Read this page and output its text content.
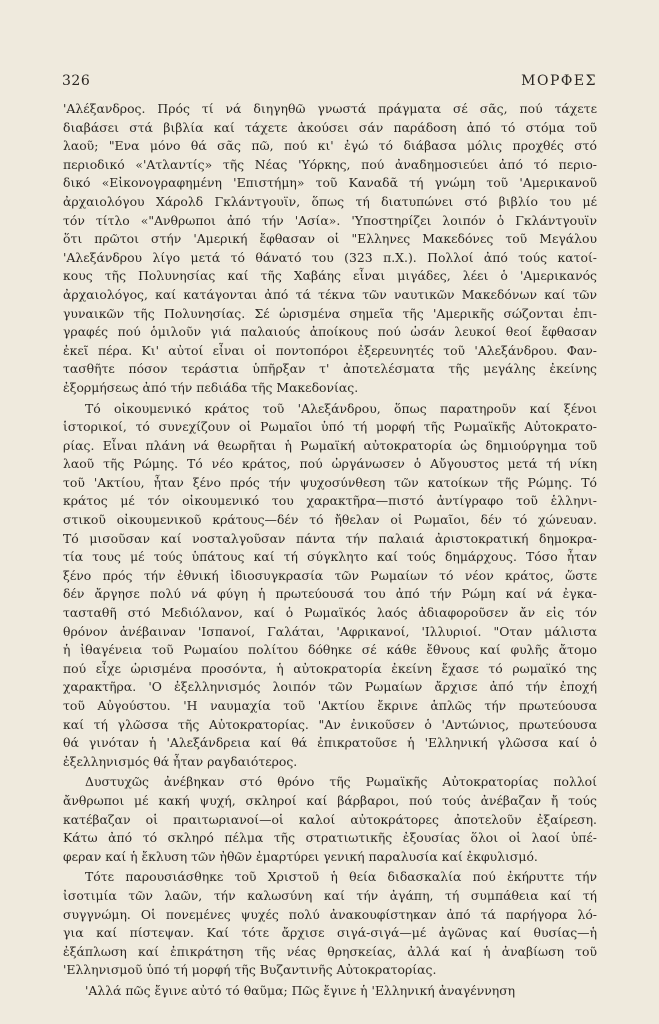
326	ΜΟΡΦΕΣ
'Αλέξανδρος. Πρός τί νά διηγηθῶ γνωστά πράγματα σέ σᾶς, πού τάχετε
διαβάσει στά βιβλία καί τάχετε ἀκούσει σάν παράδοση ἀπό τό στόμα τοῦ
λαοῦ; "Ενα μόνο θά σᾶς πῶ, πού κι' ἐγώ τό διάβασα μόλις προχθές στό
περιοδικό «'Ατλαντίς» τῆς Νέας 'Υόρκης, πού ἀναδημοσιεύει ἀπό τό περιο-
δικό «Εἰκονογραφημένη 'Επιστήμη» τοῦ Καναδᾶ τή γνώμη τοῦ 'Αμερικανοῦ
ἀρχαιολόγου Χάρολδ Γκλάντγουϊν, ὅπως τή διατυπώνει στό βιβλίο του μέ
τόν τίτλο «"Ανθρωποι ἀπό τήν 'Ασία». 'Υποστηρίζει λοιπόν ὁ Γκλάντγουϊν
ὅτι πρῶτοι στήν 'Αμερική ἔφθασαν οἱ "Ελληνες Μακεδόνες τοῦ Μεγάλου
'Αλεξάνδρου λίγο μετά τό θάνατό του (323 π.Χ.). Πολλοί ἀπό τούς κατοί-
κους τῆς Πολυνησίας καί τῆς Χαβάης εἶναι μιγάδες, λέει ὁ 'Αμερικανός
ἀρχαιολόγος, καί κατάγονται ἀπό τά τέκνα τῶν ναυτικῶν Μακεδόνων καί τῶν
γυναικῶν τῆς Πολυνησίας. Σέ ὡρισμένα σημεῖα τῆς 'Αμερικῆς σώζονται ἐπι-
γραφές πού ὁμιλοῦν γιά παλαιούς ἀποίκους πού ὡσάν λευκοί θεοί ἔφθασαν
ἐκεῖ πέρα. Κι' αὐτοί εἶναι οἱ ποντοπόροι ἐξερευνητές τοῦ 'Αλεξάνδρου. Φαν-
τασθῆτε πόσον τεράστια ὑπῆρξαν τ' ἀποτελέσματα τῆς μεγάλης ἐκείνης
ἐξορμήσεως ἀπό τήν πεδιάδα τῆς Μακεδονίας.
Τό οἰκουμενικό κράτος τοῦ 'Αλεξάνδρου, ὅπως παρατηροῦν καί ξένοι
ἱστορικοί, τό συνεχίζουν οἱ Ρωμαῖοι ὑπό τή μορφή τῆς Ρωμαϊκῆς Αὐτοκρατο-
ρίας. Εἶναι πλάνη νά θεωρῆται ἡ Ρωμαϊκή αὐτοκρατορία ὡς δημιούργημα τοῦ
λαοῦ τῆς Ρώμης. Τό νέο κράτος, πού ὠργάνωσεν ὁ Αὔγουστος μετά τή νίκη
τοῦ 'Ακτίου, ἦταν ξένο πρός τήν ψυχοσύνθεση τῶν κατοίκων τῆς Ρώμης. Τό
κράτος μέ τόν οἰκουμενικό του χαρακτῆρα—πιστό ἀντίγραφο τοῦ ἑλληνι-
στικοῦ οἰκουμενικοῦ κράτους—δέν τό ἤθελαν οἱ Ρωμαῖοι, δέν τό χώνευαν.
Τό μισοῦσαν καί νοσταλγοῦσαν πάντα τήν παλαιά ἀριστοκρατική δημοκρα-
τία τους μέ τούς ὑπάτους καί τή σύγκλητο καί τούς δημάρχους. Τόσο ἦταν
ξένο πρός τήν ἐθνική ἰδιοσυγκρασία τῶν Ρωμαίων τό νέον κράτος, ὥστε
δέν ἄργησε πολύ νά φύγη ἡ πρωτεύουσά του ἀπό τήν Ρώμη καί νά ἐγκα-
τασταθῆ στό Μεδιόλανον, καί ὁ Ρωμαϊκός λαός ἀδιαφοροῦσεν ἄν εἰς τόν
θρόνον ἀνέβαιναν 'Ισπανοί, Γαλάται, 'Αφρικανοί, 'Ιλλυριοί. "Οταν μάλιστα
ἡ ἰθαγένεια τοῦ Ρωμαίου πολίτου δόθηκε σέ κάθε ἔθνους καί φυλῆς ἄτομο
πού εἶχε ὡρισμένα προσόντα, ἡ αὐτοκρατορία ἐκείνη ἔχασε τό ρωμαϊκό της
χαρακτῆρα. 'Ο ἐξελληνισμός λοιπόν τῶν Ρωμαίων ἄρχισε ἀπό τήν ἐποχή
τοῦ Αὐγούστου. 'Η ναυμαχία τοῦ 'Ακτίου ἔκρινε ἁπλῶς τήν πρωτεύουσα
καί τή γλῶσσα τῆς Αὐτοκρατορίας. "Αν ἐνικοῦσεν ὁ 'Αντώνιος, πρωτεύουσα
θά γινόταν ἡ 'Αλεξάνδρεια καί θά ἐπικρατοῦσε ἡ 'Ελληνική γλῶσσα καί ὁ
ἐξελληνισμός θά ἦταν ραγδαιότερος.
Δυστυχῶς ἀνέβηκαν στό θρόνο τῆς Ρωμαϊκῆς Αὐτοκρατορίας πολλοί
ἄνθρωποι μέ κακή ψυχή, σκληροί καί βάρβαροι, πού τούς ἀνέβαζαν ἤ τούς
κατέβαζαν οἱ πραιτωριανοί—οἱ καλοί αὐτοκράτορες ἀποτελοῦν ἐξαίρεση.
Κάτω ἀπό τό σκληρό πέλμα τῆς στρατιωτικῆς ἐξουσίας ὅλοι οἱ λαοί ὑπέ-
φεραν καί ἡ ἔκλυση τῶν ἠθῶν ἐμαρτύρει γενική παραλυσία καί ἐκφυλισμό.
Τότε παρουσιάσθηκε τοῦ Χριστοῦ ἡ θεία διδασκαλία πού ἐκήρυττε τήν
ἰσοτιμία τῶν λαῶν, τήν καλωσύνη καί τήν ἀγάπη, τή συμπάθεια καί τή
συγγνώμη. Οἱ πονεμένες ψυχές πολύ ἀνακουφίστηκαν ἀπό τά παρήγορα λό-
για καί πίστεψαν. Καί τότε ἄρχισε σιγά-σιγά—μέ ἀγῶνας καί θυσίας—ἡ
ἐξάπλωση καί ἐπικράτηση τῆς νέας θρησκείας, ἀλλά καί ἡ ἀναβίωση τοῦ
'Ελληνισμοῦ ὑπό τή μορφή τῆς Βυζαντινῆς Αὐτοκρατορίας.
'Αλλά πῶς ἔγινε αὐτό τό θαῦμα; Πῶς ἔγινε ἡ 'Ελληνική ἀναγέννηση
